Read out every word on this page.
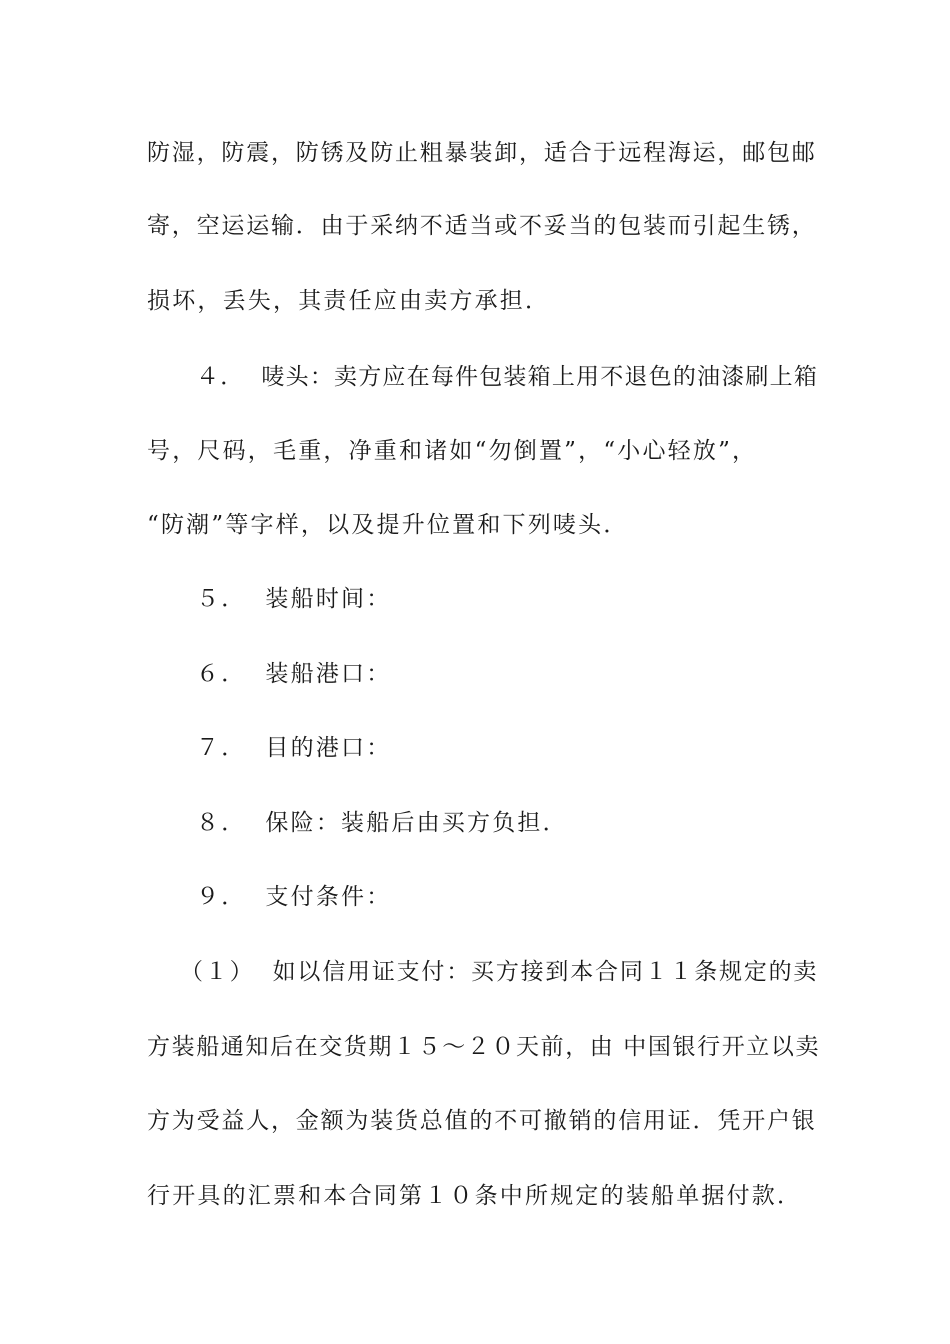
防湿，防震，防锈及防止粗暴装卸，适合于远程海运，邮包邮
寄，空运运输．由于采纳不适当或不妥当的包装而引起生锈，
损坏，丢失，其责任应由卖方承担．
４．  唛头：卖方应在每件包装箱上用不退色的油漆刷上箱
号，尺码，毛重，净重和诸如“勿倒置”，“小心轻放”，
“防潮”等字样，以及提升位置和下列唛头．
５．  装船时间：
６．  装船港口：
７．  目的港口：
８．  保险：装船后由买方负担．
９．  支付条件：
（１）  如以信用证支付：买方接到本合同１１条规定的卖
方装船通知后在交货期１５～２０天前，由 中国银行开立以卖
方为受益人，金额为装货总值的不可撤销的信用证．凭开户银
行开具的汇票和本合同第１０条中所规定的装船单据付款．
